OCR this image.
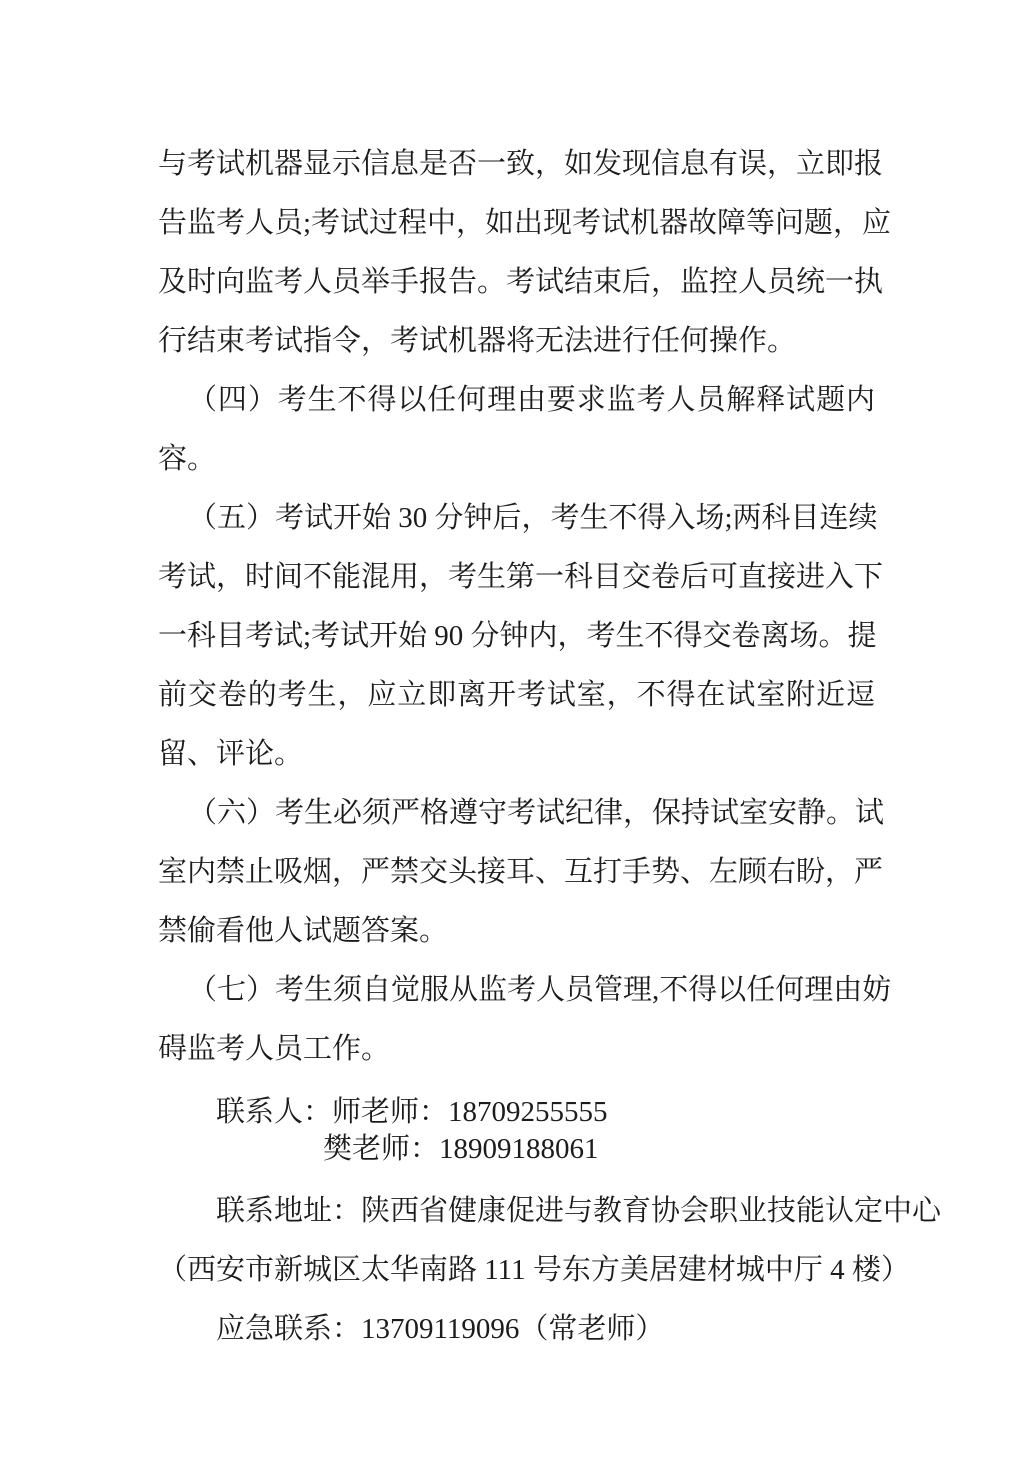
与考试机器显示信息是否一致，如发现信息有误，立即报
告监考人员;考试过程中，如出现考试机器故障等问题，应
及时向监考人员举手报告。考试结束后，监控人员统一执
行结束考试指令，考试机器将无法进行任何操作。
（四）考生不得以任何理由要求监考人员解释试题内
容。
（五）考试开始 30 分钟后，考生不得入场;两科目连续
考试，时间不能混用，考生第一科目交卷后可直接进入下
一科目考试;考试开始 90 分钟内，考生不得交卷离场。提
前交卷的考生，应立即离开考试室，不得在试室附近逗
留、评论。
（六）考生必须严格遵守考试纪律，保持试室安静。试
室内禁止吸烟，严禁交头接耳、互打手势、左顾右盼，严
禁偷看他人试题答案。
（七）考生须自觉服从监考人员管理,不得以任何理由妨
碍监考人员工作。
联系人：师老师：18709255555
樊老师：18909188061
联系地址：陕西省健康促进与教育协会职业技能认定中心
（西安市新城区太华南路 111 号东方美居建材城中厅 4 楼）
应急联系：13709119096（常老师）
